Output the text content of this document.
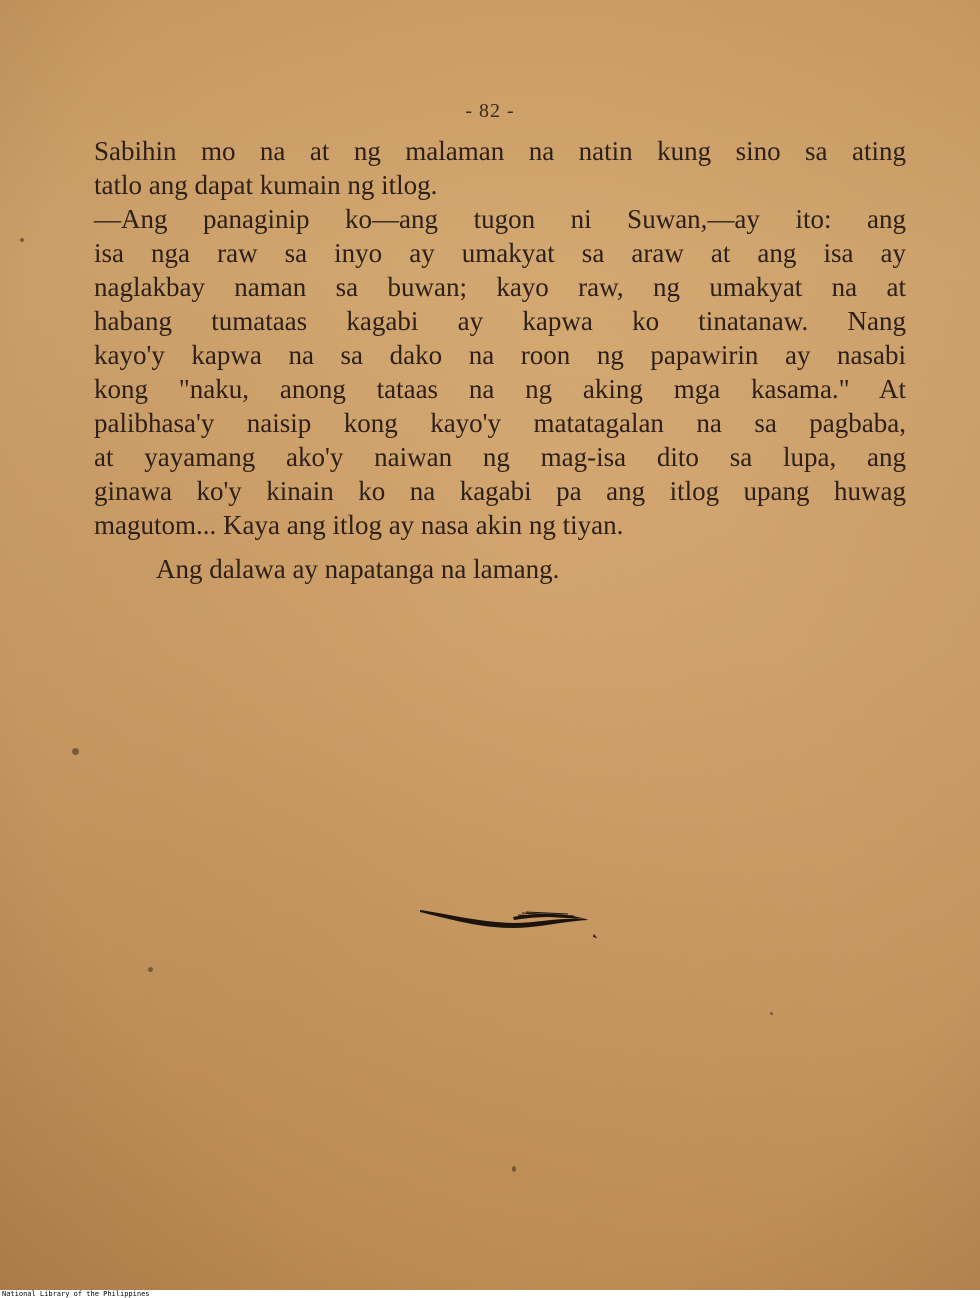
- 82 -

Sabihin mo na at ng malaman na natin kung sino sa ating

tatlo ang dapat kumain ng itlog.

—Ang panaginip ko—ang tugon ni Suwan,—ay ito: ang

isa nga raw sa inyo ay umakyat sa araw at ang isa ay

naglakbay naman sa buwan; kayo raw, ng umakyat na at

habang tumataas kagabi ay kapwa ko tinatanaw. Nang

kayo'y kapwa na sa dako na roon ng papawirin ay nasabi

kong "naku, anong tataas na ng aking mga kasama." At

palibhasa'y naisip kong kayo'y matatagalan na sa pagbaba,

at yayamang ako'y naiwan ng mag-isa dito sa lupa, ang

ginawa ko'y kinain ko na kagabi pa ang itlog upang huwag

magutom... Kaya ang itlog ay nasa akin ng tiyan.

Ang dalawa ay napatanga na lamang.

National Library of the Philippines
